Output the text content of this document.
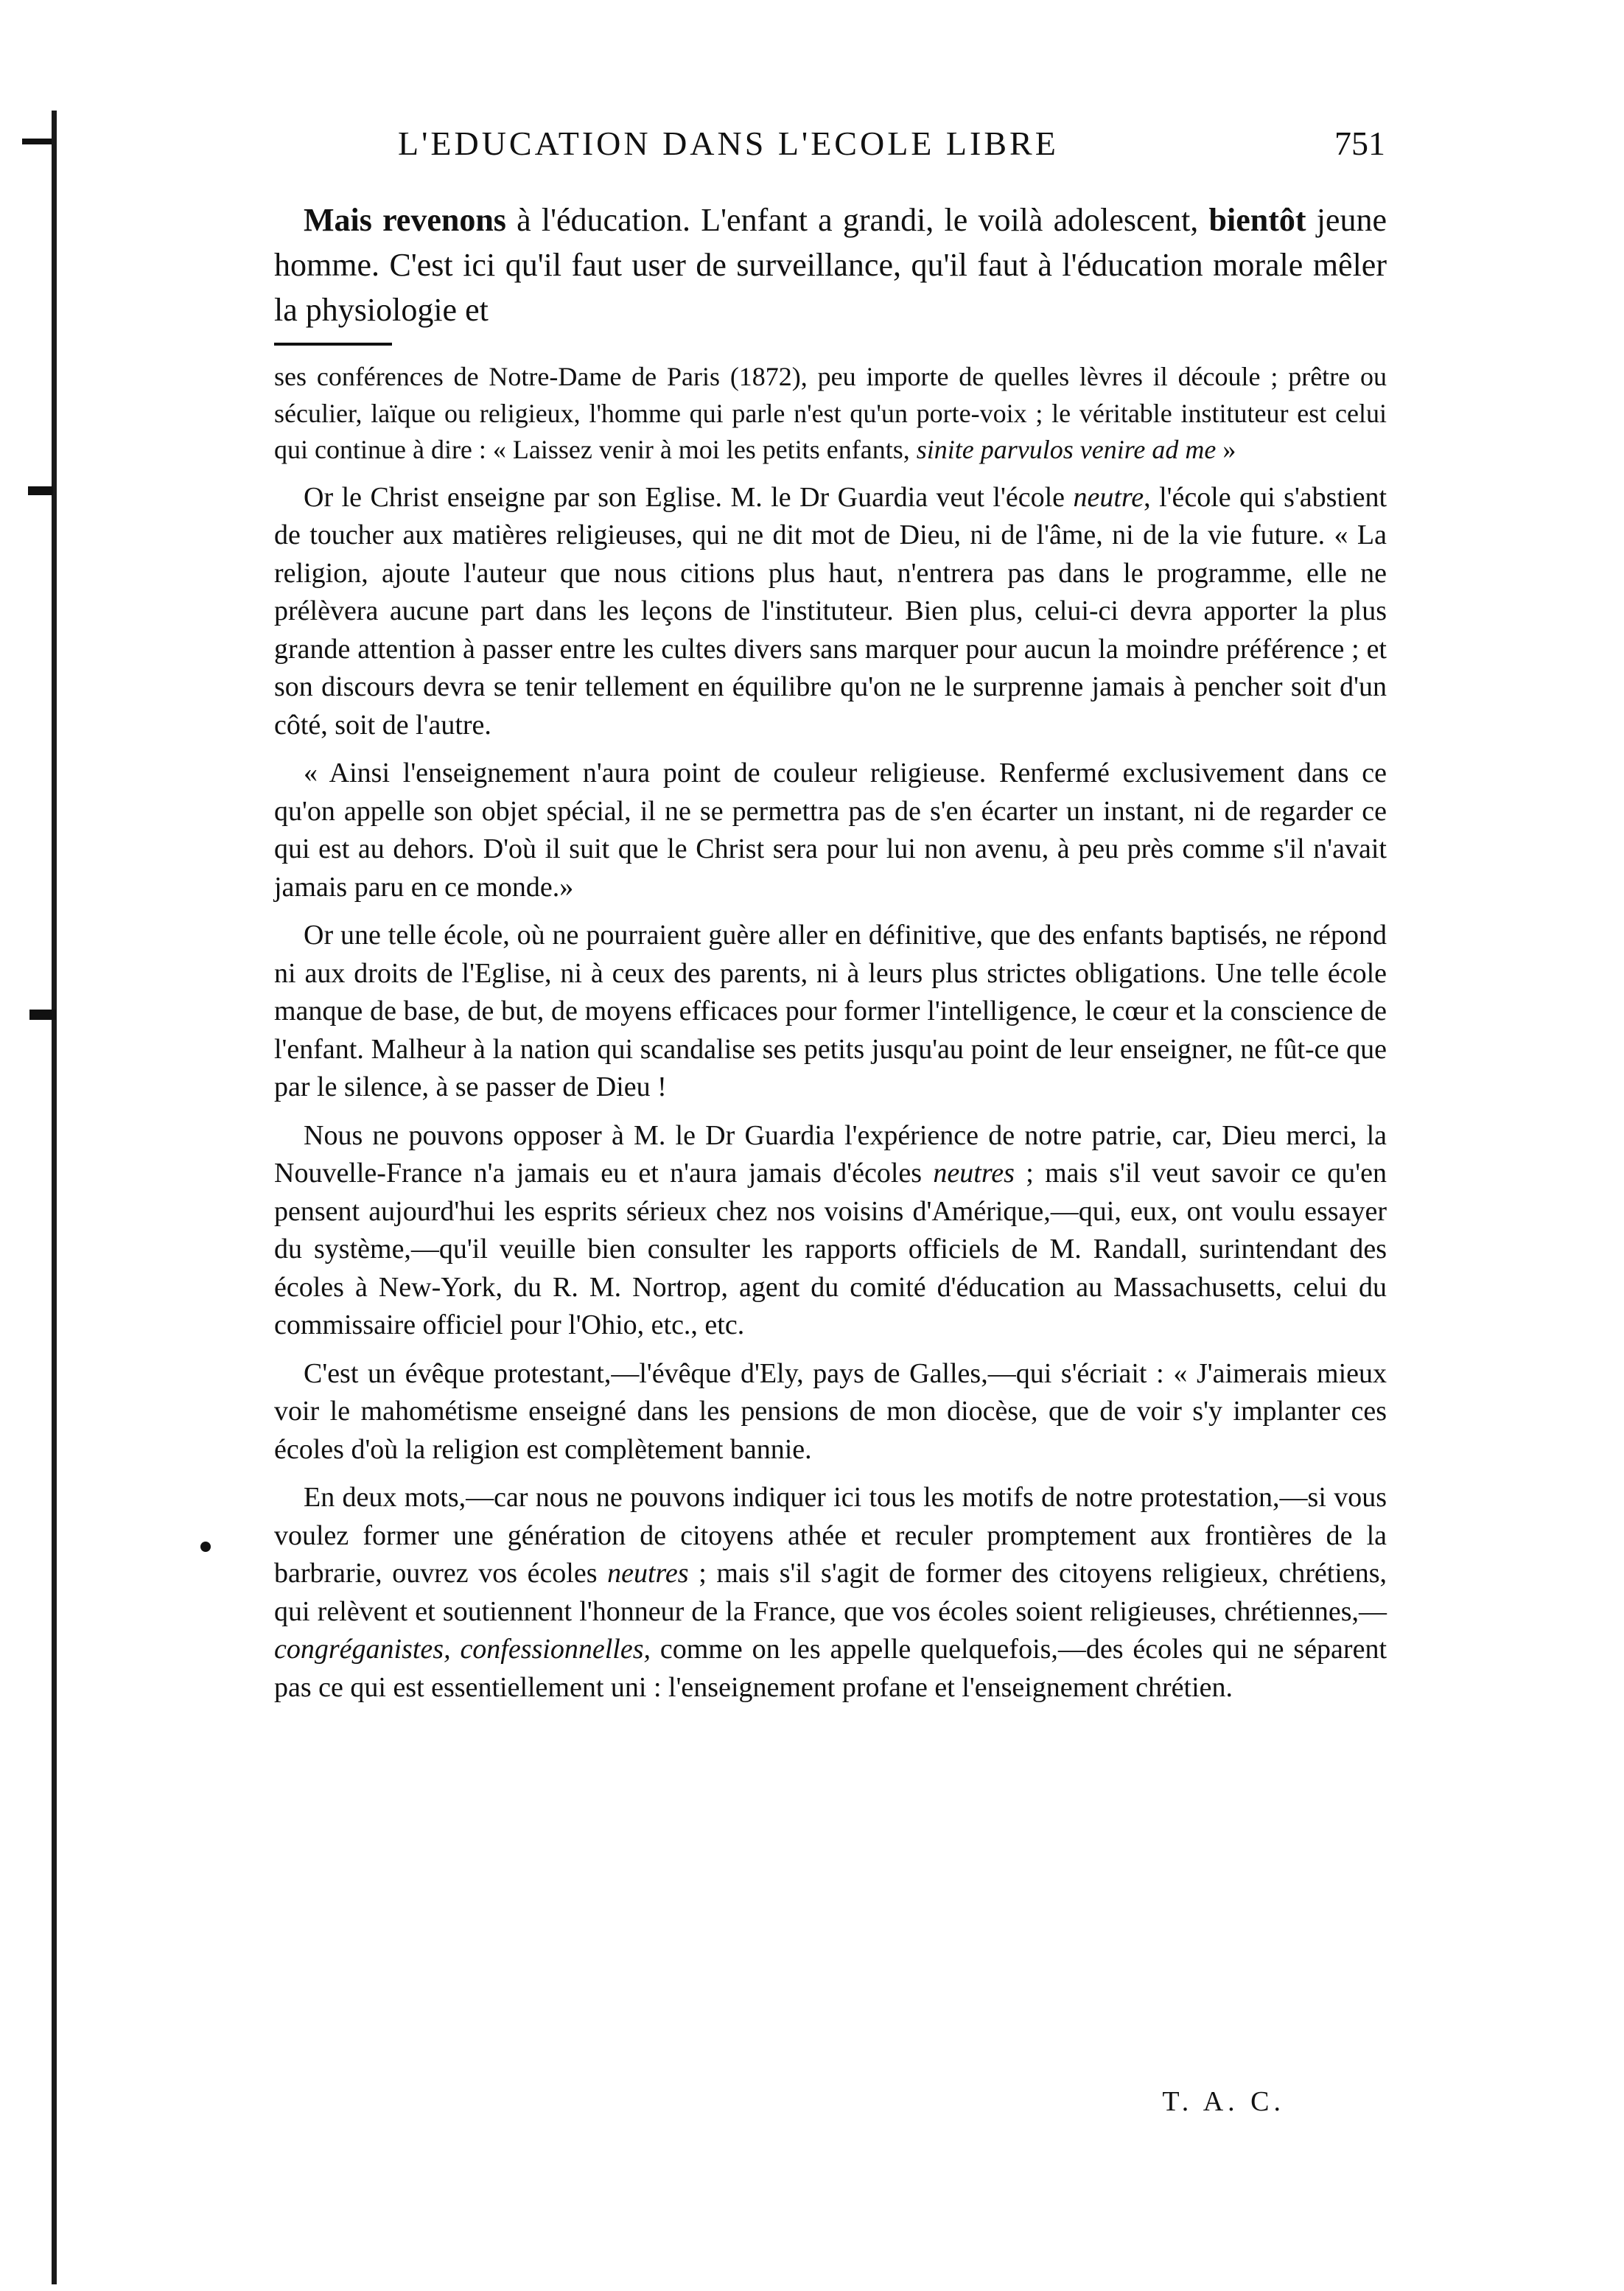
L'EDUCATION DANS L'ECOLE LIBRE	751

Mais revenons à l'éducation. L'enfant a grandi, le voilà adolescent, bientôt jeune homme. C'est ici qu'il faut user de surveillance, qu'il faut à l'éducation morale mêler la physiologie et

ses conférences de Notre-Dame de Paris (1872), peu importe de quelles lèvres il découle ; prêtre ou séculier, laïque ou religieux, l'homme qui parle n'est qu'un porte-voix ; le véritable instituteur est celui qui continue à dire : « Laissez venir à moi les petits enfants, sinite parvulos venire ad me »

Or le Christ enseigne par son Eglise. M. le Dr Guardia veut l'école neutre, l'école qui s'abstient de toucher aux matières religieuses, qui ne dit mot de Dieu, ni de l'âme, ni de la vie future. « La religion, ajoute l'auteur que nous citions plus haut, n'entrera pas dans le programme, elle ne prélèvera aucune part dans les leçons de l'instituteur. Bien plus, celui-ci devra apporter la plus grande attention à passer entre les cultes divers sans marquer pour aucun la moindre préférence ; et son discours devra se tenir tellement en équilibre qu'on ne le surprenne jamais à pencher soit d'un côté, soit de l'autre.

« Ainsi l'enseignement n'aura point de couleur religieuse. Renfermé exclusivement dans ce qu'on appelle son objet spécial, il ne se permettra pas de s'en écarter un instant, ni de regarder ce qui est au dehors. D'où il suit que le Christ sera pour lui non avenu, à peu près comme s'il n'avait jamais paru en ce monde.»

Or une telle école, où ne pourraient guère aller en définitive, que des enfants baptisés, ne répond ni aux droits de l'Eglise, ni à ceux des parents, ni à leurs plus strictes obligations. Une telle école manque de base, de but, de moyens efficaces pour former l'intelligence, le cœur et la conscience de l'enfant. Malheur à la nation qui scandalise ses petits jusqu'au point de leur enseigner, ne fût-ce que par le silence, à se passer de Dieu !

Nous ne pouvons opposer à M. le Dr Guardia l'expérience de notre patrie, car, Dieu merci, la Nouvelle-France n'a jamais eu et n'aura jamais d'écoles neutres ; mais s'il veut savoir ce qu'en pensent aujourd'hui les esprits sérieux chez nos voisins d'Amérique,—qui, eux, ont voulu essayer du système,—qu'il veuille bien consulter les rapports officiels de M. Randall, surintendant des écoles à New-York, du R. M. Nortrop, agent du comité d'éducation au Massachusetts, celui du commissaire officiel pour l'Ohio, etc., etc.

C'est un évêque protestant,—l'évêque d'Ely, pays de Galles,—qui s'écriait : « J'aimerais mieux voir le mahométisme enseigné dans les pensions de mon diocèse, que de voir s'y implanter ces écoles d'où la religion est complètement bannie.

En deux mots,—car nous ne pouvons indiquer ici tous les motifs de notre protestation,—si vous voulez former une génération de citoyens athée et reculer promptement aux frontières de la barbrarie, ouvrez vos écoles neutres ; mais s'il s'agit de former des citoyens religieux, chrétiens, qui relèvent et soutiennent l'honneur de la France, que vos écoles soient religieuses, chrétiennes,—congréganistes, confessionnelles, comme on les appelle quelquefois,—des écoles qui ne séparent pas ce qui est essentiellement uni : l'enseignement profane et l'enseignement chrétien.

T. A. C.
